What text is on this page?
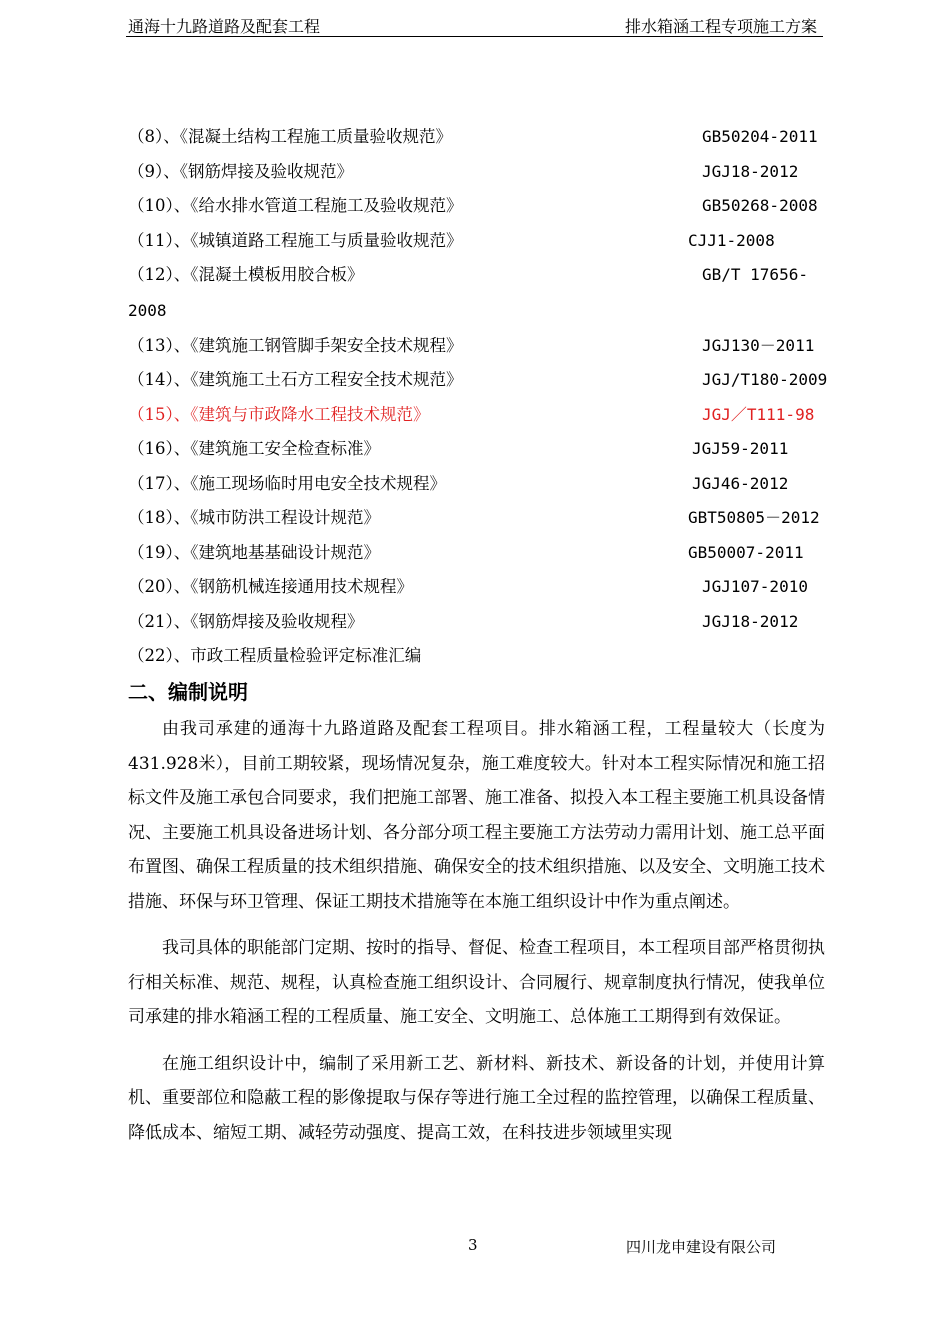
通海十九路道路及配套工程	排水箱涵工程专项施工方案
（8）、《混凝土结构工程施工质量验收规范》	GB50204-2011
（9）、《钢筋焊接及验收规范》	JGJ18-2012
（10）、《给水排水管道工程施工及验收规范》	GB50268-2008
（11）、《城镇道路工程施工与质量验收规范》	CJJ1-2008
（12）、《混凝土模板用胶合板》	GB/T 17656-
2008
（13）、《建筑施工钢管脚手架安全技术规程》	JGJ130－2011
（14）、《建筑施工土石方工程安全技术规范》	JGJ/T180-2009
（15）、《建筑与市政降水工程技术规范》	JGJ／T111-98
（16）、《建筑施工安全检查标准》	JGJ59-2011
（17）、《施工现场临时用电安全技术规程》	JGJ46-2012
（18）、《城市防洪工程设计规范》	GBT50805－2012
（19）、《建筑地基基础设计规范》	GB50007-2011
（20）、《钢筋机械连接通用技术规程》	JGJ107-2010
（21）、《钢筋焊接及验收规程》	JGJ18-2012
（22）、市政工程质量检验评定标准汇编
二、编制说明

由我司承建的通海十九路道路及配套工程项目。排水箱涵工程，工程量较大（长度为431.928米），目前工期较紧，现场情况复杂，施工难度较大。针对本工程实际情况和施工招标文件及施工承包合同要求，我们把施工部署、施工准备、拟投入本工程主要施工机具设备情况、主要施工机具设备进场计划、各分部分项工程主要施工方法劳动力需用计划、施工总平面布置图、确保工程质量的技术组织措施、确保安全的技术组织措施、以及安全、文明施工技术措施、环保与环卫管理、保证工期技术措施等在本施工组织设计中作为重点阐述。

我司具体的职能部门定期、按时的指导、督促、检查工程项目，本工程项目部严格贯彻执行相关标准、规范、规程，认真检查施工组织设计、合同履行、规章制度执行情况，使我单位司承建的排水箱涵工程的工程质量、施工安全、文明施工、总体施工工期得到有效保证。

在施工组织设计中，编制了采用新工艺、新材料、新技术、新设备的计划，并使用计算机、重要部位和隐蔽工程的影像提取与保存等进行施工全过程的监控管理，以确保工程质量、降低成本、缩短工期、减轻劳动强度、提高工效，在科技进步领域里实现

3	四川龙申建设有限公司
